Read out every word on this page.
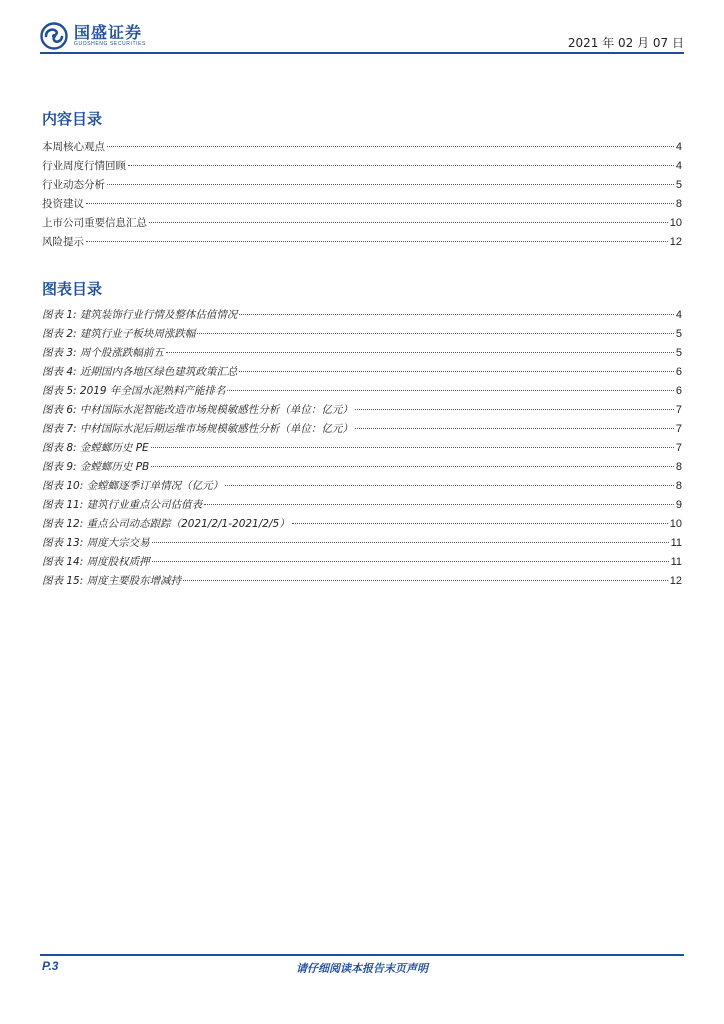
国盛证券
GUOSHENG SECURITIES	2021 年 02 月 07 日
内容目录
本周核心观点	4
行业周度行情回顾	4
行业动态分析	5
投资建议	8
上市公司重要信息汇总	10
风险提示	12
图表目录
图表 1: 建筑装饰行业行情及整体估值情况	4
图表 2: 建筑行业子板块周涨跌幅	5
图表 3: 周个股涨跌幅前五	5
图表 4: 近期国内各地区绿色建筑政策汇总	6
图表 5: 2019 年全国水泥熟料产能排名	6
图表 6: 中材国际水泥智能改造市场规模敏感性分析（单位：亿元）	7
图表 7: 中材国际水泥后期运维市场规模敏感性分析（单位：亿元）	7
图表 8: 金螳螂历史 PE	7
图表 9: 金螳螂历史 PB	8
图表 10: 金螳螂逐季订单情况（亿元）	8
图表 11: 建筑行业重点公司估值表	9
图表 12: 重点公司动态跟踪（2021/2/1-2021/2/5）	10
图表 13: 周度大宗交易	11
图表 14: 周度股权质押	11
图表 15: 周度主要股东增减持	12
P.3	请仔细阅读本报告末页声明
